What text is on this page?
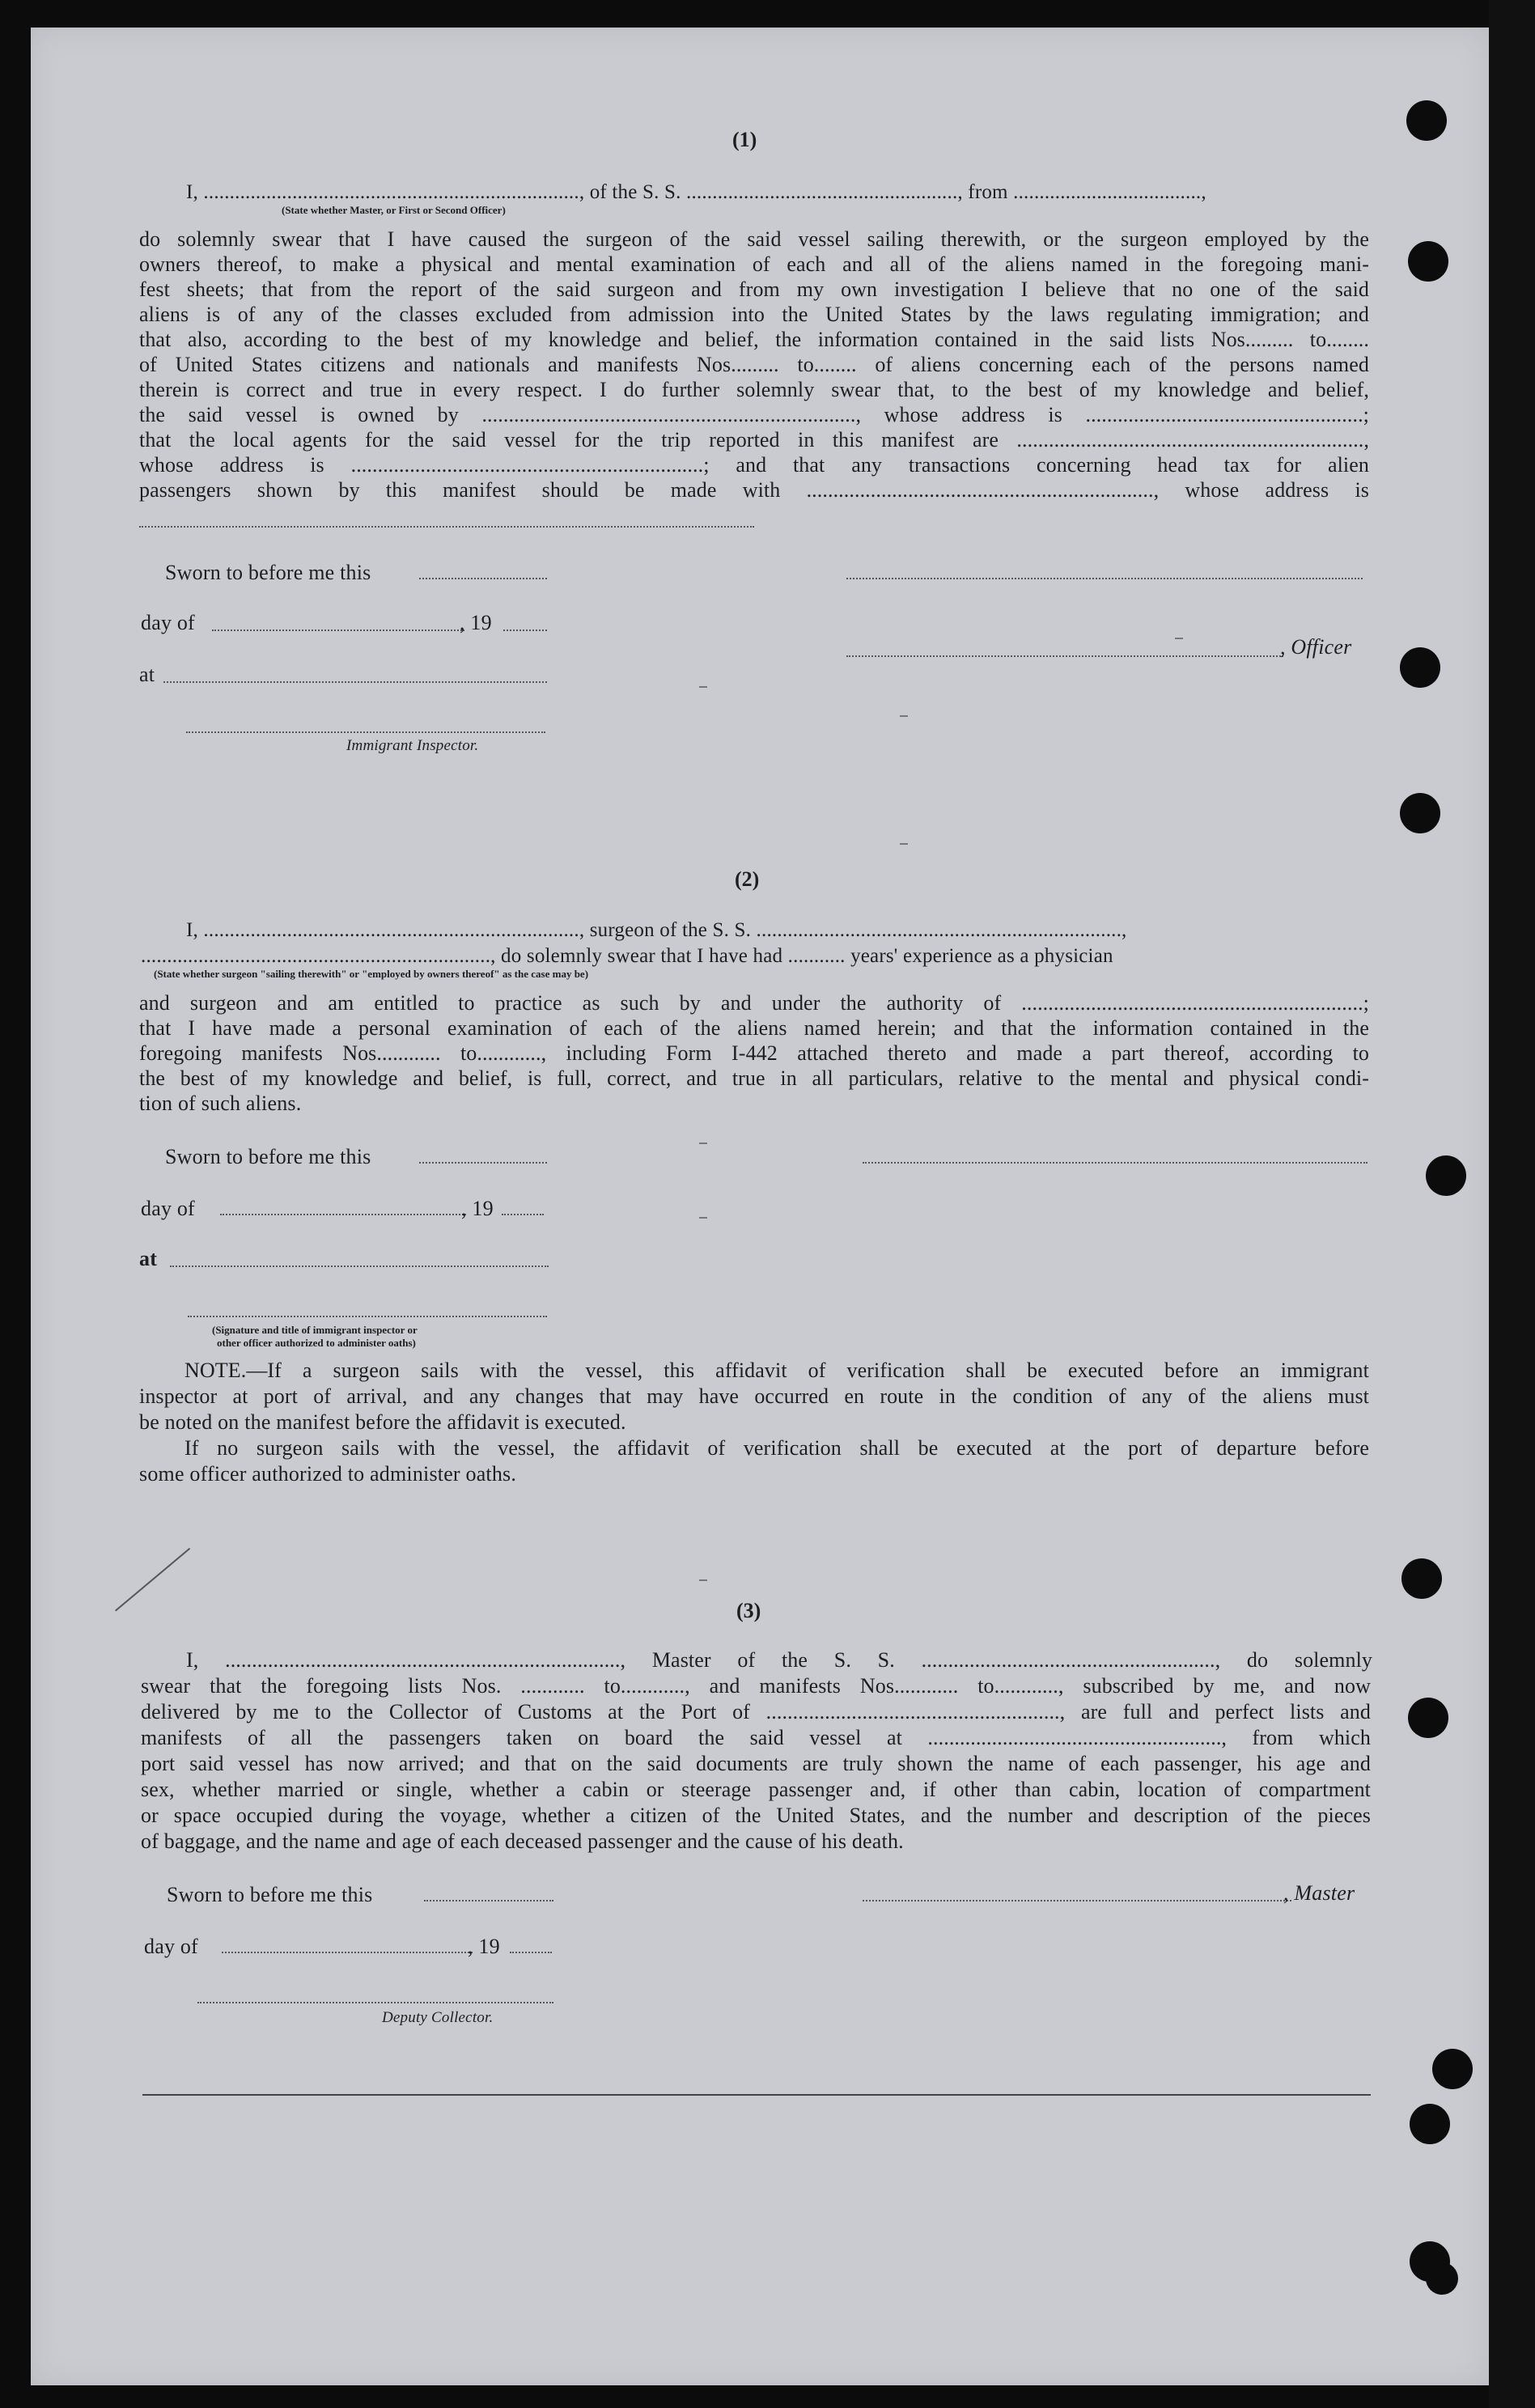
(1)
I, ........................................................................, of the S. S. ...................................................., from ....................................,
(State whether Master, or First or Second Officer)
do solemnly swear that I have caused the surgeon of the said vessel sailing therewith, or the surgeon employed by the
owners thereof, to make a physical and mental examination of each and all of the aliens named in the foregoing mani-
fest sheets; that from the report of the said surgeon and from my own investigation I believe that no one of the said
aliens is of any of the classes excluded from admission into the United States by the laws regulating immigration; and
that also, according to the best of my knowledge and belief, the information contained in the said lists Nos......... to........
of United States citizens and nationals and manifests Nos......... to........ of aliens concerning each of the persons named
therein is correct and true in every respect. I do further solemnly swear that, to the best of my knowledge and belief,
the said vessel is owned by ......................................................................, whose address is ....................................................;
that the local agents for the said vessel for the trip reported in this manifest are .................................................................,
whose address is ..................................................................; and that any transactions concerning head tax for alien
passengers shown by this manifest should be made with ................................................................., whose address is
Sworn to before me this
day of	, 19
, Officer
at
Immigrant Inspector.
(2)
I, ........................................................................, surgeon of the S. S. ......................................................................,
..................................................................., do solemnly swear that I have had ........... years' experience as a physician
(State whether surgeon "sailing therewith" or "employed by owners thereof" as the case may be)
and surgeon and am entitled to practice as such by and under the authority of ................................................................;
that I have made a personal examination of each of the aliens named herein; and that the information contained in the
foregoing manifests Nos............ to............, including Form I-442 attached thereto and made a part thereof, according to
the best of my knowledge and belief, is full, correct, and true in all particulars, relative to the mental and physical condi-
tion of such aliens.
Sworn to before me this
day of	, 19
at
(Signature and title of immigrant inspector or
other officer authorized to administer oaths)
NOTE.—If a surgeon sails with the vessel, this affidavit of verification shall be executed before an immigrant
inspector at port of arrival, and any changes that may have occurred en route in the condition of any of the aliens must
be noted on the manifest before the affidavit is executed.
If no surgeon sails with the vessel, the affidavit of verification shall be executed at the port of departure before
some officer authorized to administer oaths.
(3)
I, .........................................................................., Master of the S. S. ......................................................., do solemnly
swear that the foregoing lists Nos. ............ to............, and manifests Nos............ to............, subscribed by me, and now
delivered by me to the Collector of Customs at the Port of ......................................................., are full and perfect lists and
manifests of all the passengers taken on board the said vessel at ......................................................., from which
port said vessel has now arrived; and that on the said documents are truly shown the name of each passenger, his age and
sex, whether married or single, whether a cabin or steerage passenger and, if other than cabin, location of compartment
or space occupied during the voyage, whether a citizen of the United States, and the number and description of the pieces
of baggage, and the name and age of each deceased passenger and the cause of his death.
Sworn to before me this	, Master
day of	, 19
Deputy Collector.
